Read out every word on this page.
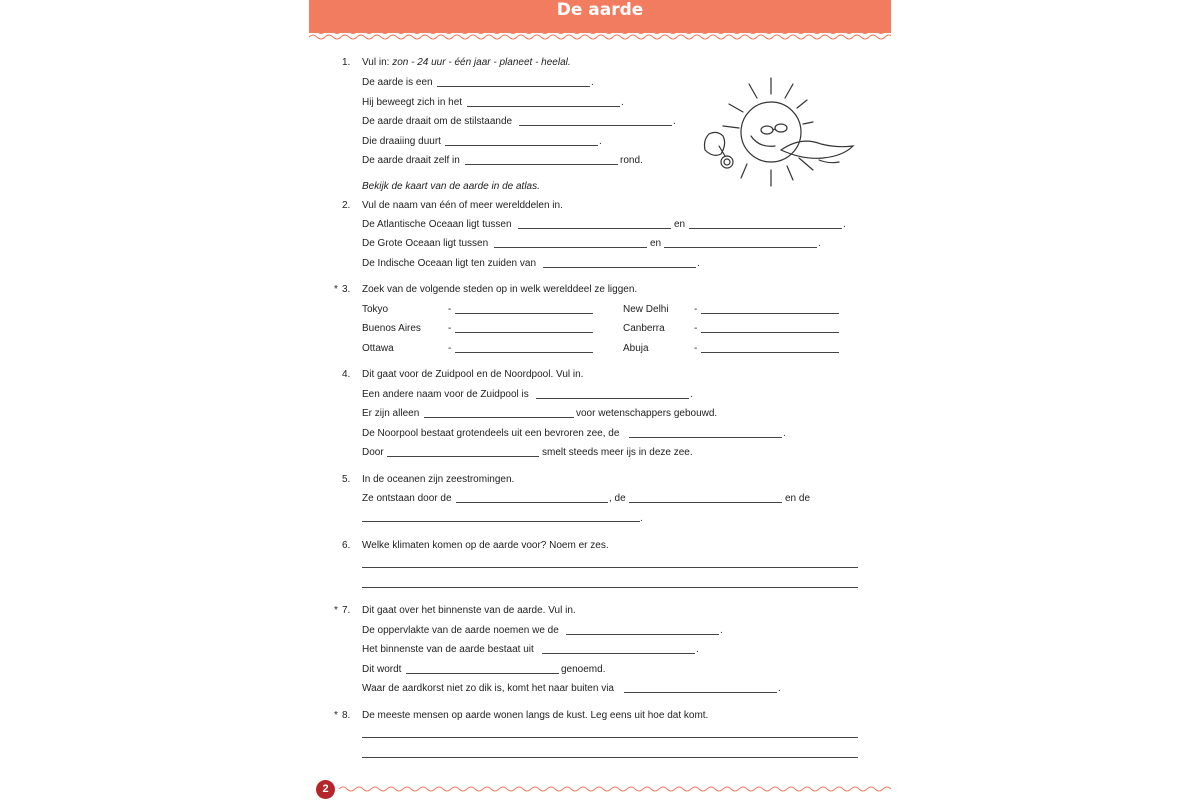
De aarde
1. Vul in: zon - 24 uur - één jaar - planeet - heelal.
De aarde is een	.
Hij beweegt zich in het	.
De aarde draait om de stilstaande	.
Die draaiing duurt	.
De aarde draait zelf in	rond.
Bekijk de kaart van de aarde in de atlas.
2. Vul de naam van één of meer werelddelen in.
De Atlantische Oceaan ligt tussen	en	.
De Grote Oceaan ligt tussen	en	.
De Indische Oceaan ligt ten zuiden van	.
* 3. Zoek van de volgende steden op in welk werelddeel ze liggen.
Tokyo	-	New Delhi	-
Buenos Aires	-	Canberra	-
Ottawa	-	Abuja	-
4. Dit gaat voor de Zuidpool en de Noordpool. Vul in.
Een andere naam voor de Zuidpool is	.
Er zijn alleen	voor wetenschappers gebouwd.
De Noorpool bestaat grotendeels uit een bevroren zee, de	.
Door	smelt steeds meer ijs in deze zee.
5. In de oceanen zijn zeestromingen.
Ze ontstaan door de	, de	en de
.
6. Welke klimaten komen op de aarde voor? Noem er zes.
* 7. Dit gaat over het binnenste van de aarde. Vul in.
De oppervlakte van de aarde noemen we de	.
Het binnenste van de aarde bestaat uit	.
Dit wordt	genoemd.
Waar de aardkorst niet zo dik is, komt het naar buiten via	.
* 8. De meeste mensen op aarde wonen langs de kust. Leg eens uit hoe dat komt.
2
